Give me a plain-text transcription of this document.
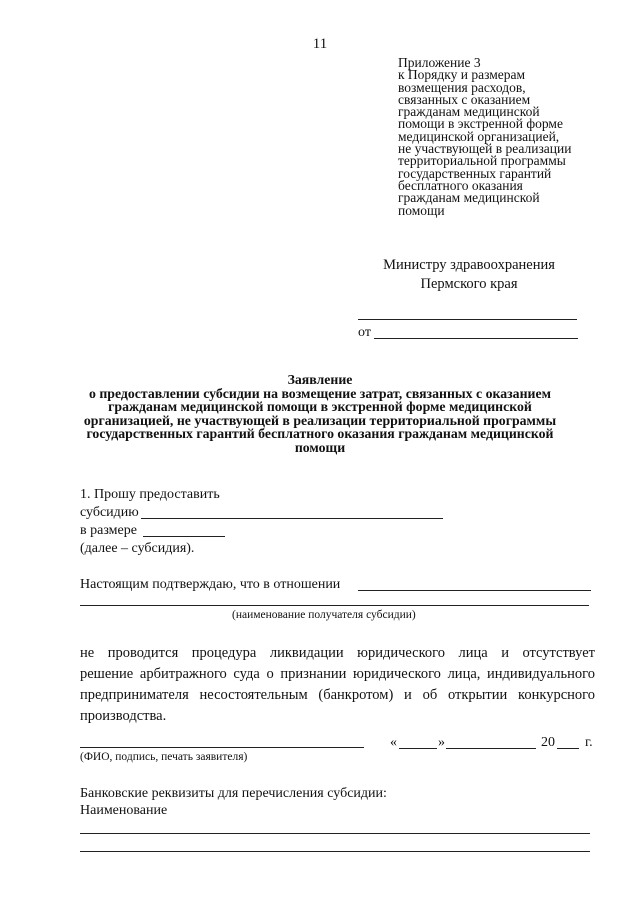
11
Приложение 3
к Порядку и размерам
возмещения расходов,
связанных с оказанием
гражданам медицинской
помощи в экстренной форме
медицинской организацией,
не участвующей в реализации
территориальной программы
государственных гарантий
бесплатного оказания
гражданам медицинской
помощи
Министру здравоохранения
Пермского края
от
Заявление
о предоставлении субсидии на возмещение затрат, связанных с оказанием
гражданам медицинской помощи в экстренной форме медицинской
организацией, не участвующей в реализации территориальной программы
государственных гарантий бесплатного оказания гражданам медицинской
помощи
1. Прошу предоставить
субсидию
в размере
(далее – субсидия).
Настоящим подтверждаю, что в отношении
(наименование получателя субсидии)
не проводится процедура ликвидации юридического лица и отсутствует
решение арбитражного суда о признании юридического лица, индивидуального
предпринимателя несостоятельным (банкротом) и об открытии конкурсного
производства.
(ФИО, подпись, печать заявителя)
«	»	20 г.
Банковские реквизиты для перечисления субсидии:
Наименование
